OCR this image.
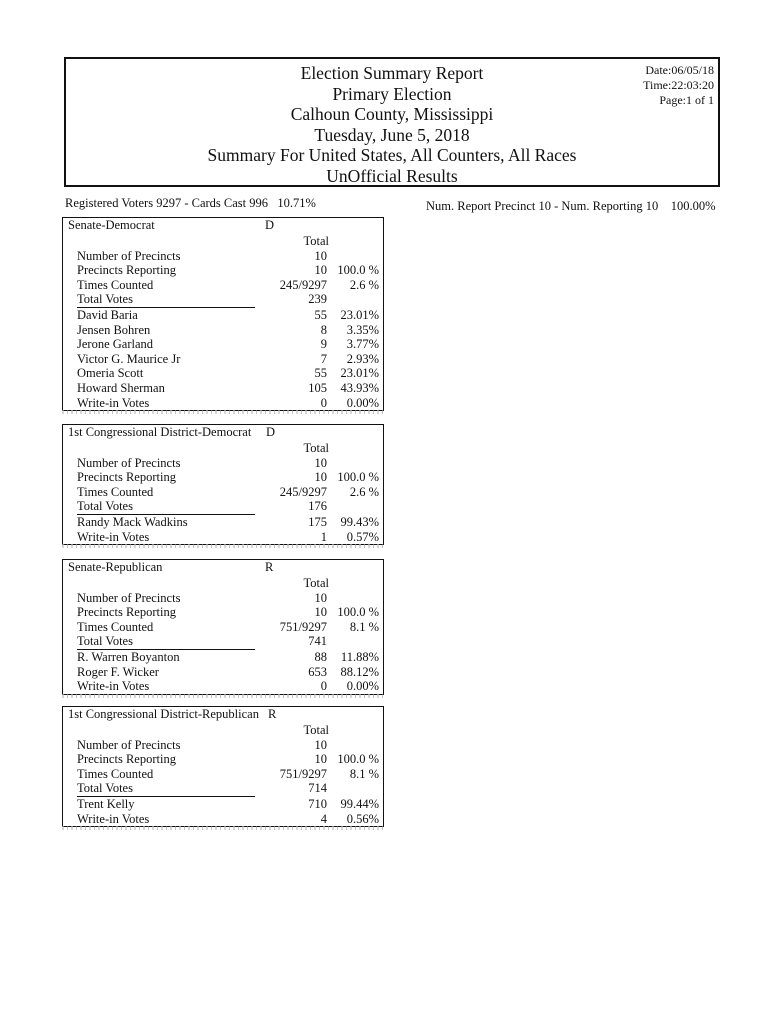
Election Summary Report
Primary Election
Calhoun County, Mississippi
Tuesday, June 5, 2018
Summary For United States, All Counters, All Races
UnOfficial Results
Date:06/05/18
Time:22:03:20
Page:1 of 1
Registered Voters 9297 - Cards Cast 996   10.71%	Num. Report Precinct 10 - Num. Reporting 10    100.00%
Senate-Democrat	D
Total
Number of Precincts	10
Precincts Reporting	10 100.0 %
Times Counted	245/9297 2.6 %
Total Votes	239
David Baria	55 23.01%
Jensen Bohren	8 3.35%
Jerone Garland	9 3.77%
Victor G. Maurice Jr	7 2.93%
Omeria Scott	55 23.01%
Howard Sherman	105 43.93%
Write-in Votes	0 0.00%
1st Congressional District-Democrat D
Total
Number of Precincts	10
Precincts Reporting	10 100.0 %
Times Counted	245/9297 2.6 %
Total Votes	176
Randy Mack Wadkins	175 99.43%
Write-in Votes	1 0.57%
Senate-Republican	R
Total
Number of Precincts	10
Precincts Reporting	10 100.0 %
Times Counted	751/9297 8.1 %
Total Votes	741
R. Warren Boyanton	88 11.88%
Roger F. Wicker	653 88.12%
Write-in Votes	0 0.00%
1st Congressional District-Republican R
Total
Number of Precincts	10
Precincts Reporting	10 100.0 %
Times Counted	751/9297 8.1 %
Total Votes	714
Trent Kelly	710 99.44%
Write-in Votes	4 0.56%
